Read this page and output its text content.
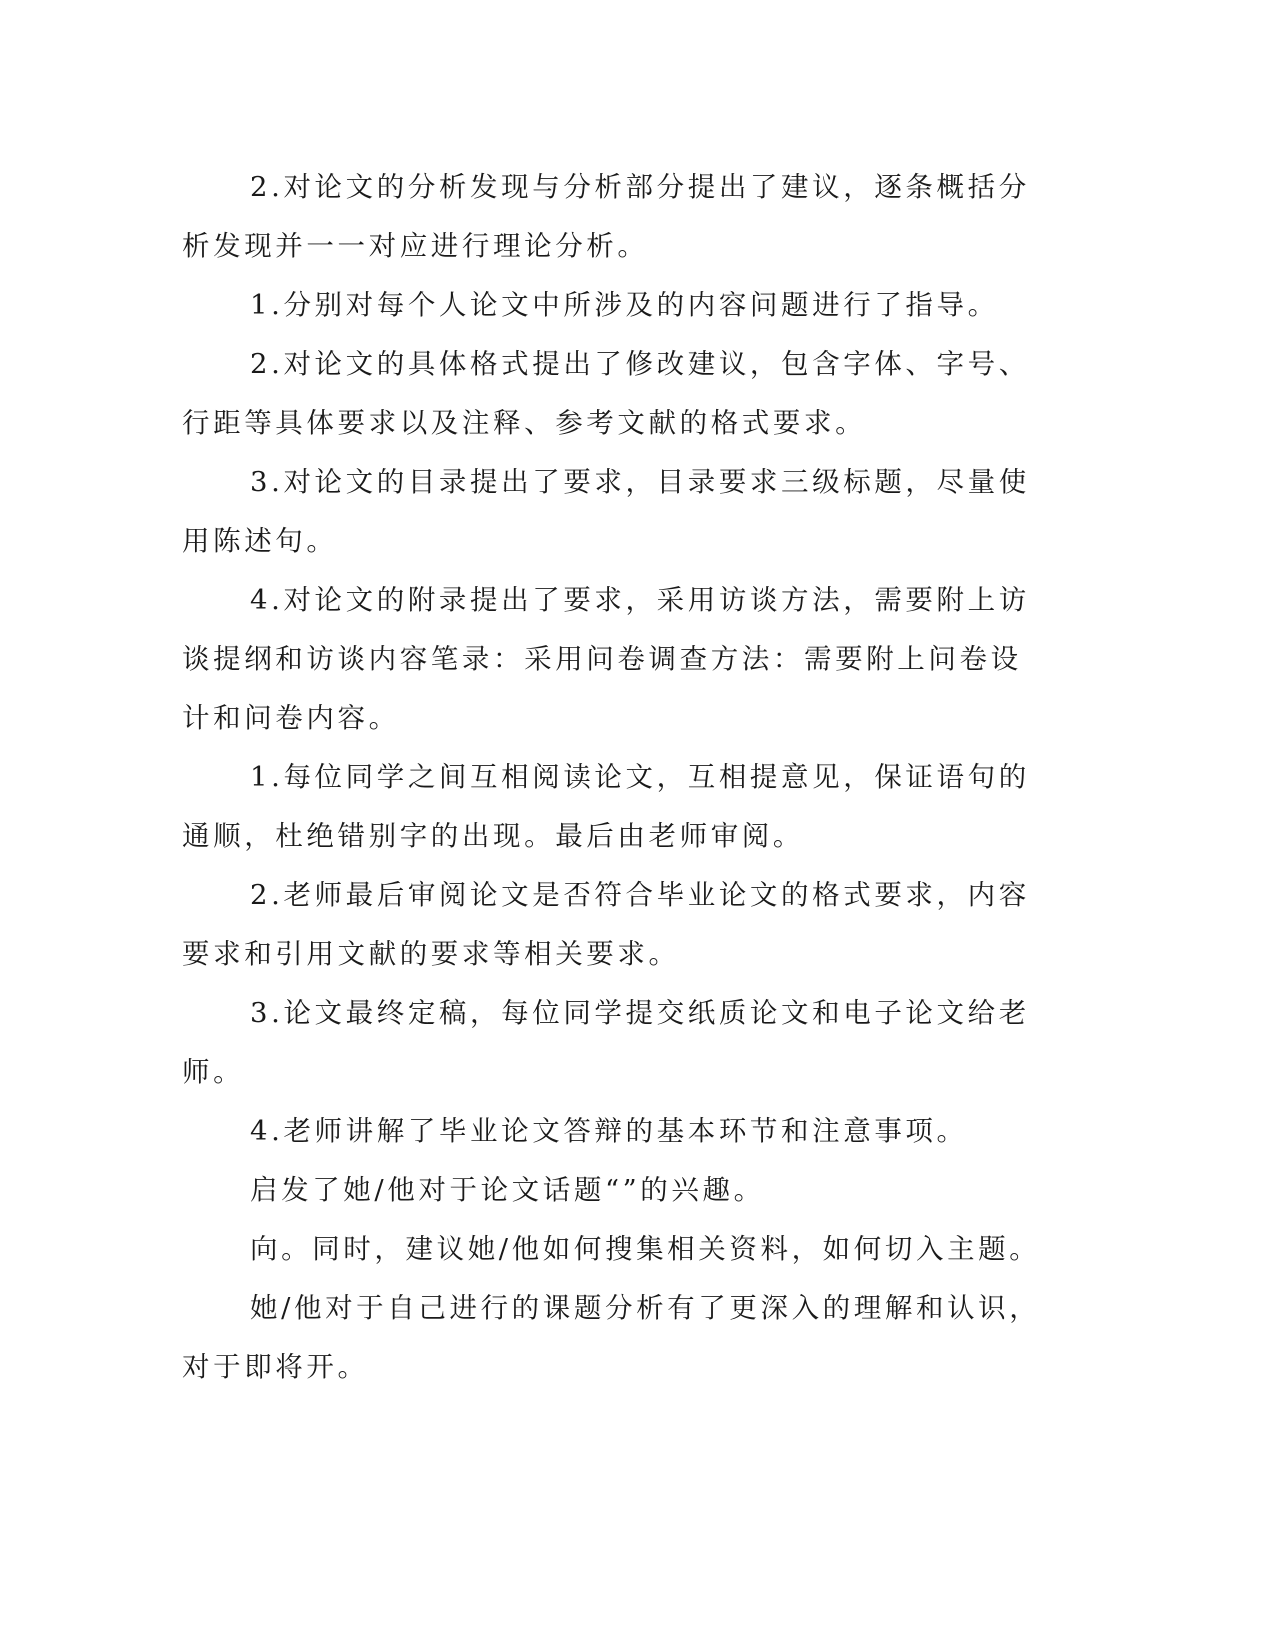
2.对论文的分析发现与分析部分提出了建议，逐条概括分析发现并一一对应进行理论分析。

1.分别对每个人论文中所涉及的内容问题进行了指导。

2.对论文的具体格式提出了修改建议，包含字体、字号、行距等具体要求以及注释、参考文献的格式要求。

3.对论文的目录提出了要求，目录要求三级标题，尽量使用陈述句。

4.对论文的附录提出了要求，采用访谈方法，需要附上访谈提纲和访谈内容笔录：采用问卷调查方法：需要附上问卷设计和问卷内容。

1.每位同学之间互相阅读论文，互相提意见，保证语句的通顺，杜绝错别字的出现。最后由老师审阅。

2.老师最后审阅论文是否符合毕业论文的格式要求，内容要求和引用文献的要求等相关要求。

3.论文最终定稿，每位同学提交纸质论文和电子论文给老师。

4.老师讲解了毕业论文答辩的基本环节和注意事项。

启发了她/他对于论文话题“”的兴趣。

向。同时，建议她/他如何搜集相关资料，如何切入主题。

她/他对于自己进行的课题分析有了更深入的理解和认识，对于即将开。
